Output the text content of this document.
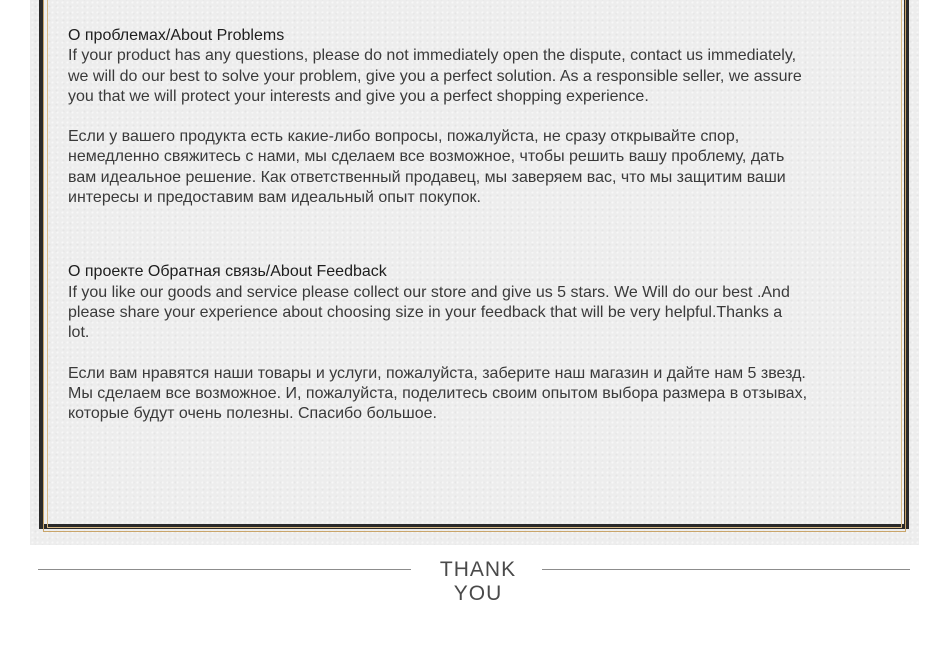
О проблемах/About Problems

If your product has any questions, please do not immediately open the dispute, contact us immediately,
we will do our best to solve your problem, give you a perfect solution. As a responsible seller, we assure
you that we will protect your interests and give you a perfect shopping experience.

Если у вашего продукта есть какие-либо вопросы, пожалуйста, не сразу открывайте спор,
немедленно свяжитесь с нами, мы сделаем все возможное, чтобы решить вашу проблему, дать
вам идеальное решение. Как ответственный продавец, мы заверяем вас, что мы защитим ваши
интересы и предоставим вам идеальный опыт покупок.

О проекте Обратная связь/About Feedback

If you like our goods and service please collect our store and give us 5 stars. We Will do our best .And
please share your experience about choosing size in your feedback that will be very helpful.Thanks a
lot.

Если вам нравятся наши товары и услуги, пожалуйста, заберите наш магазин и дайте нам 5 звезд.
Мы сделаем все возможное. И, пожалуйста, поделитесь своим опытом выбора размера в отзывах,
которые будут очень полезны. Спасибо большое.

THANK YOU
